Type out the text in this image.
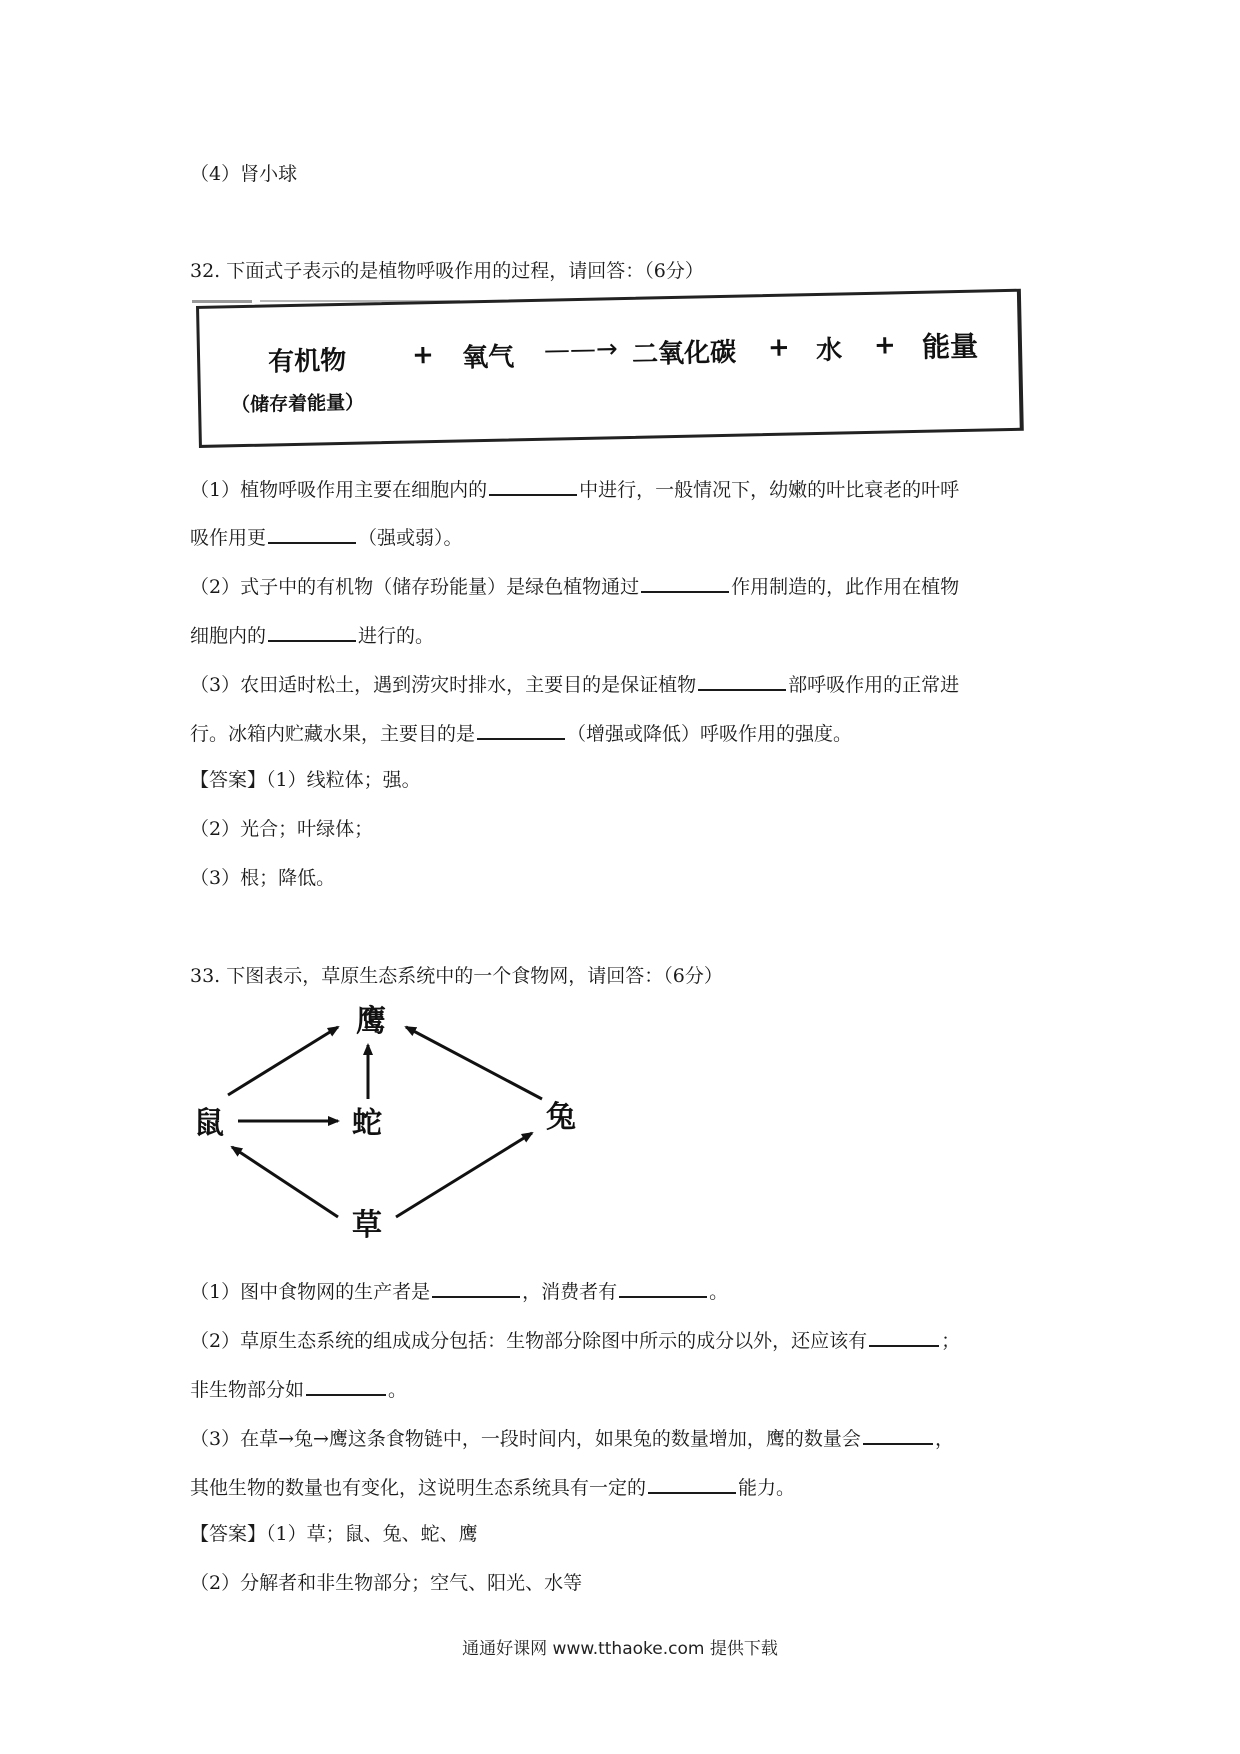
（4）肾小球
32. 下面式子表示的是植物呼吸作用的过程，请回答：（6分）
有机物
（储存着能量）
+ 氧气 ——→ 二氧化碳 + 水 + 能量
（1）植物呼吸作用主要在细胞内的	中进行，一般情况下，幼嫩的叶比衰老的叶呼
吸作用更	（强或弱）。
（2）式子中的有机物（储存玢能量）是绿色植物通过	作用制造的，此作用在植物
细胞内的	进行的。
（3）农田适时松土，遇到涝灾时排水，主要目的是保证植物	部呼吸作用的正常进
行。冰箱内贮藏水果，主要目的是	（增强或降低）呼吸作用的强度。
【答案】（1）线粒体；强。
（2）光合；叶绿体；
（3）根；降低。
33. 下图表示，草原生态系统中的一个食物网，请回答：（6分）
鹰
鼠	蛇	兔
草
（1）图中食物网的生产者是	，消费者有	。
（2）草原生态系统的组成成分包括：生物部分除图中所示的成分以外，还应该有	；
非生物部分如	。
（3）在草→兔→鹰这条食物链中，一段时间内，如果兔的数量增加，鹰的数量会	，
其他生物的数量也有变化，这说明生态系统具有一定的	能力。
【答案】（1）草；鼠、兔、蛇、鹰
（2）分解者和非生物部分；空气、阳光、水等
通通好课网 www.tthaoke.com 提供下载
